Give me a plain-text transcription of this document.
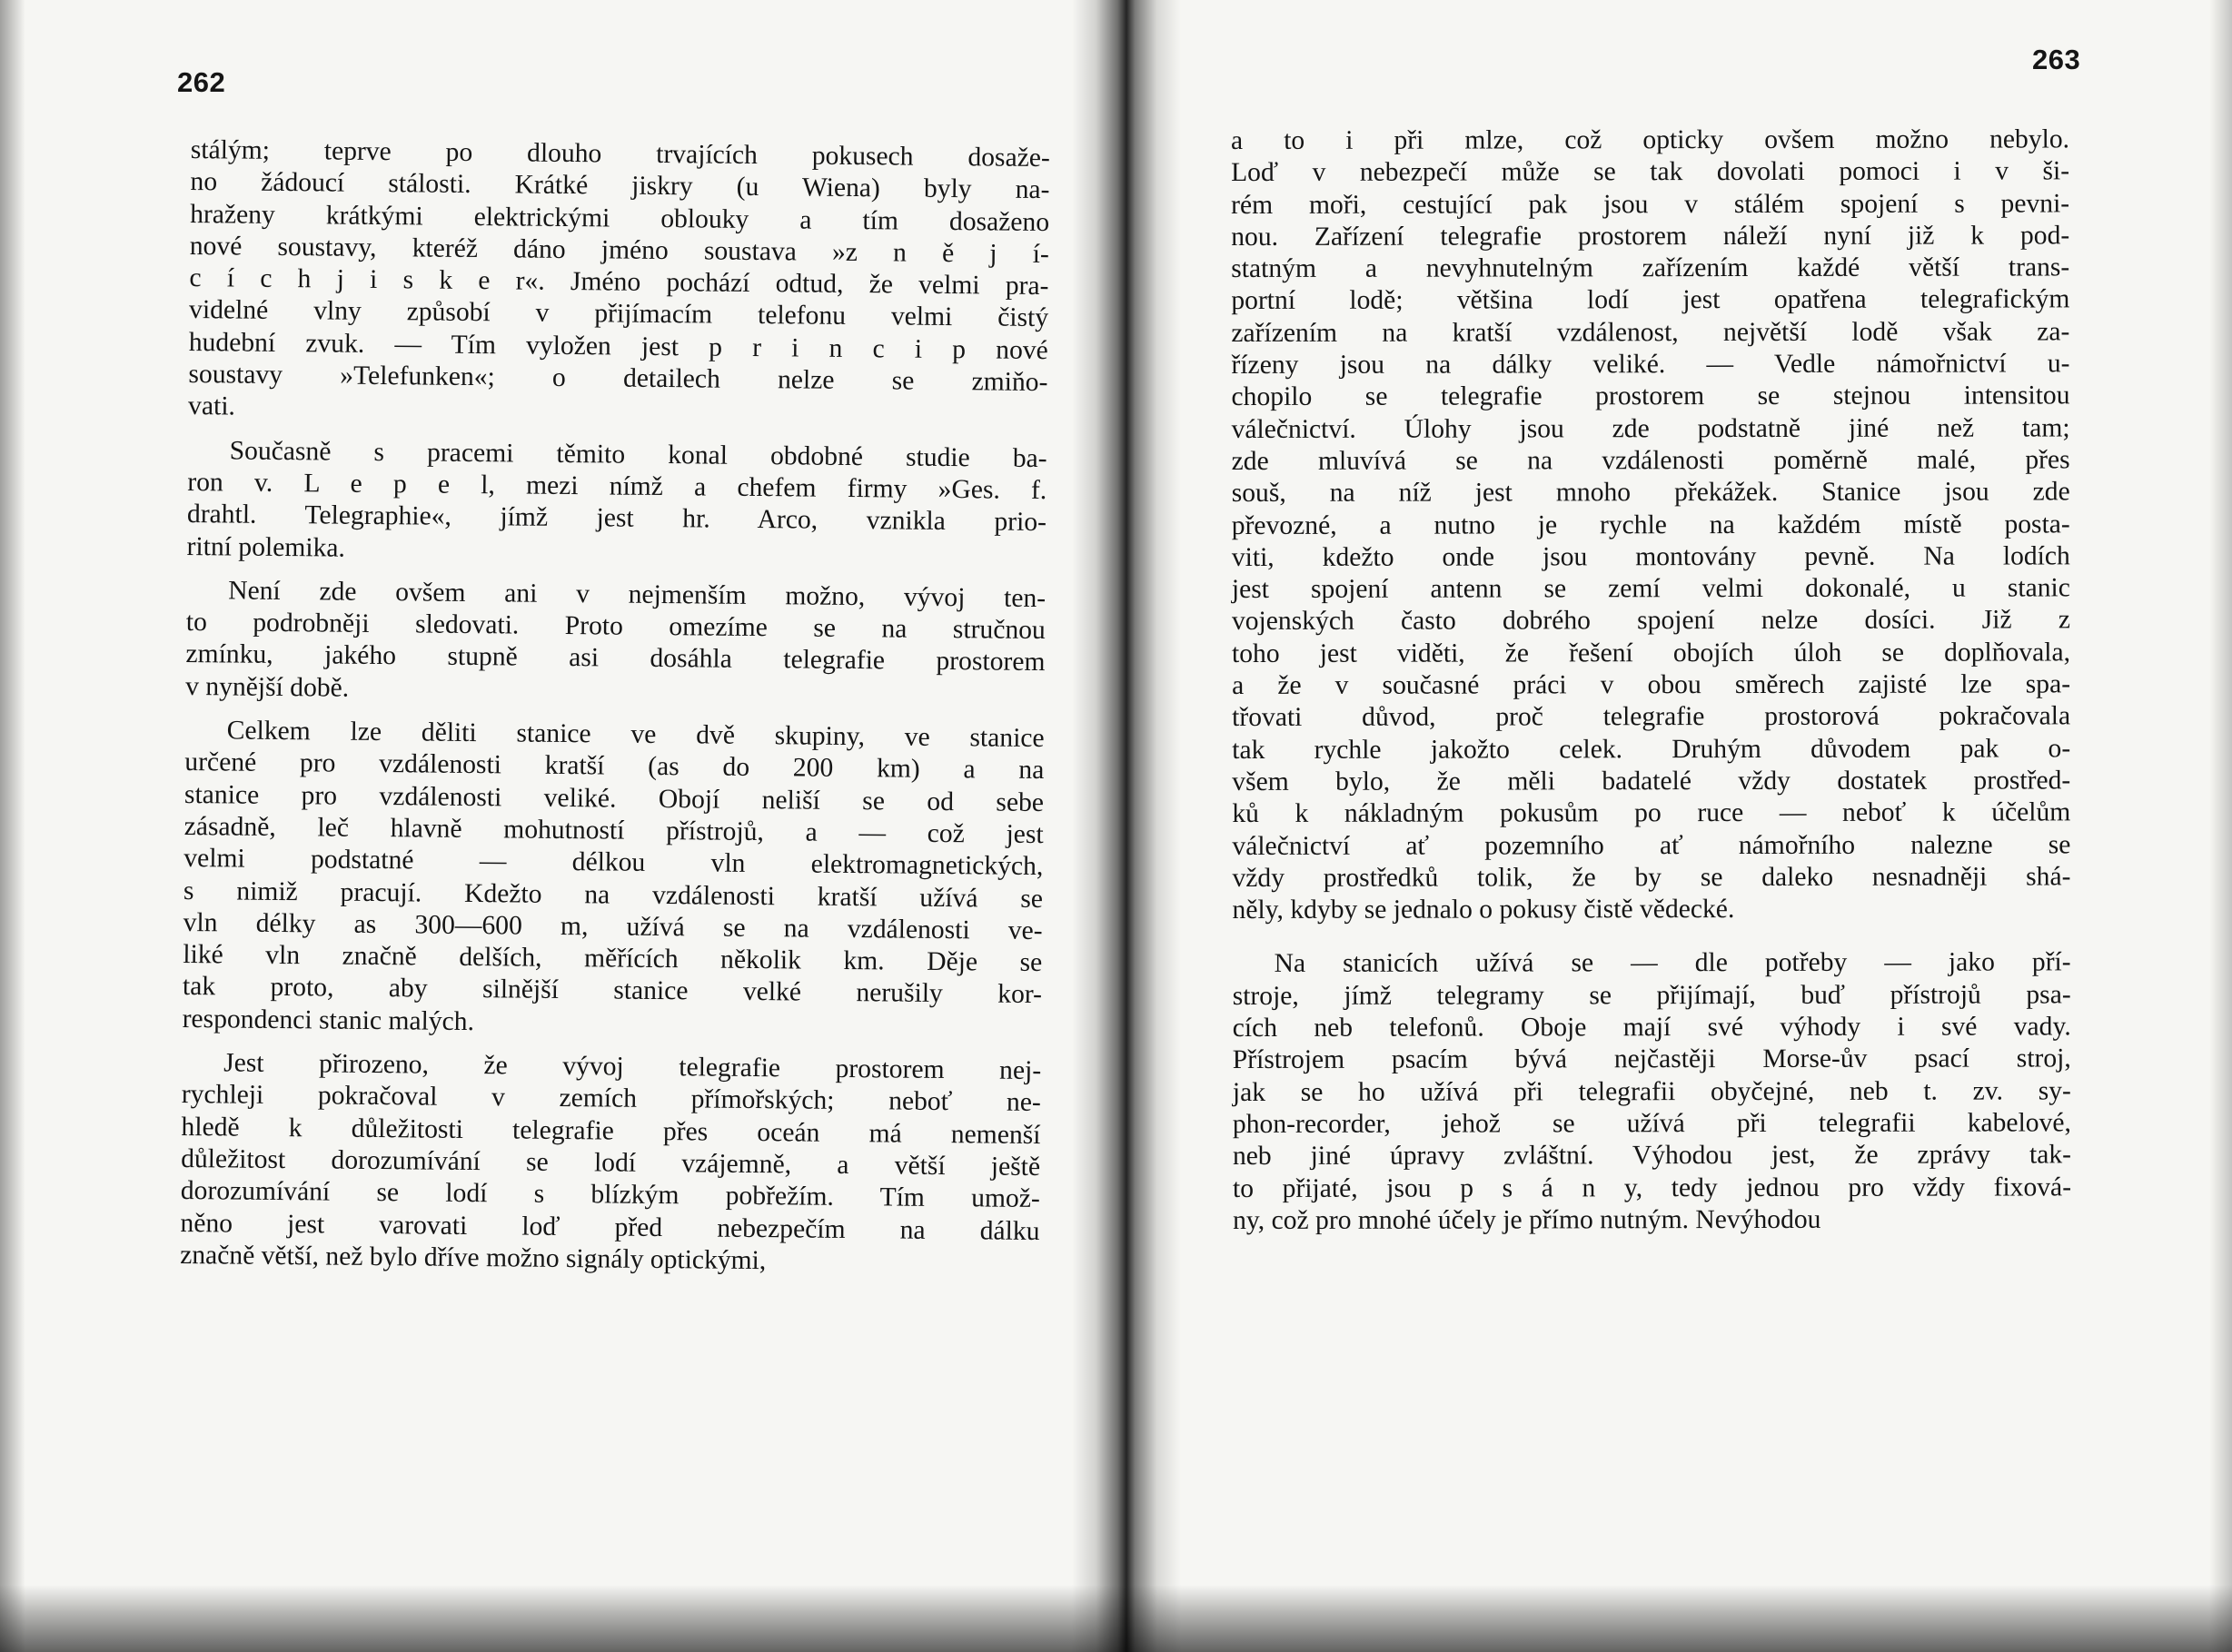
262
stálým; teprve po dlouho trvajících pokusech dosaže-
no žádoucí stálosti. Krátké jiskry (u Wiena) byly na-
hraženy krátkými elektrickými oblouky a tím dosaženo
nové soustavy, kteréž dáno jméno soustava »z n ě j í-
c í c h j i s k e r«. Jméno pochází odtud, že velmi pra-
videlné vlny způsobí v přijímacím telefonu velmi čistý
hudební zvuk. — Tím vyložen jest p r i n c i p nové
soustavy »Telefunken«; o detailech nelze se zmiňo-
vati.
Současně s pracemi těmito konal obdobné studie ba-
ron v. L e p e l, mezi nímž a chefem firmy »Ges. f.
drahtl. Telegraphie«, jímž jest hr. Arco, vznikla prio-
ritní polemika.
Není zde ovšem ani v nejmenším možno, vývoj ten-
to podrobněji sledovati. Proto omezíme se na stručnou
zmínku, jakého stupně asi dosáhla telegrafie prostorem
v nynější době.
Celkem lze děliti stanice ve dvě skupiny, ve stanice
určené pro vzdálenosti kratší (as do 200 km) a na
stanice pro vzdálenosti veliké. Obojí neliší se od sebe
zásadně, leč hlavně mohutností přístrojů, a — což jest
velmi podstatné — délkou vln elektromagnetických,
s nimiž pracují. Kdežto na vzdálenosti kratší užívá se
vln délky as 300—600 m, užívá se na vzdálenosti ve-
liké vln značně delších, měřících několik km. Děje se
tak proto, aby silnější stanice velké nerušily kor-
respondenci stanic malých.
Jest přirozeno, že vývoj telegrafie prostorem nej-
rychleji pokračoval v zemích přímořských; neboť ne-
hledě k důležitosti telegrafie přes oceán má nemenší
důležitost dorozumívání se lodí vzájemně, a větší ještě
dorozumívání se lodí s blízkým pobřežím. Tím umož-
něno jest varovati loď před nebezpečím na dálku
značně větší, než bylo dříve možno signály optickými,
263
a to i při mlze, což opticky ovšem možno nebylo.
Loď v nebezpečí může se tak dovolati pomoci i v ši-
rém moři, cestující pak jsou v stálém spojení s pevni-
nou. Zařízení telegrafie prostorem náleží nyní již k pod-
statným a nevyhnutelným zařízením každé větší trans-
portní lodě; většina lodí jest opatřena telegrafickým
zařízením na kratší vzdálenost, největší lodě však za-
řízeny jsou na dálky veliké. — Vedle námořnictví u-
chopilo se telegrafie prostorem se stejnou intensitou
válečnictví. Úlohy jsou zde podstatně jiné než tam;
zde mluvívá se na vzdálenosti poměrně malé, přes
souš, na níž jest mnoho překážek. Stanice jsou zde
převozné, a nutno je rychle na každém místě posta-
viti, kdežto onde jsou montovány pevně. Na lodích
jest spojení antenn se zemí velmi dokonalé, u stanic
vojenských často dobrého spojení nelze dosíci. Již z
toho jest viděti, že řešení obojích úloh se doplňovala,
a že v současné práci v obou směrech zajisté lze spa-
třovati důvod, proč telegrafie prostorová pokračovala
tak rychle jakožto celek. Druhým důvodem pak o-
všem bylo, že měli badatelé vždy dostatek prostřed-
ků k nákladným pokusům po ruce — neboť k účelům
válečnictví ať pozemního ať námořního nalezne se
vždy prostředků tolik, že by se daleko nesnadněji shá-
něly, kdyby se jednalo o pokusy čistě vědecké.
Na stanicích užívá se — dle potřeby — jako pří-
stroje, jímž telegramy se přijímají, buď přístrojů psa-
cích neb telefonů. Oboje mají své výhody i své vady.
Přístrojem psacím bývá nejčastěji Morse-ův psací stroj,
jak se ho užívá při telegrafii obyčejné, neb t. zv. sy-
phon-recorder, jehož se užívá při telegrafii kabelové,
neb jiné úpravy zvláštní. Výhodou jest, že zprávy tak-
to přijaté, jsou p s á n y, tedy jednou pro vždy fixová-
ny, což pro mnohé účely je přímo nutným. Nevýhodou
